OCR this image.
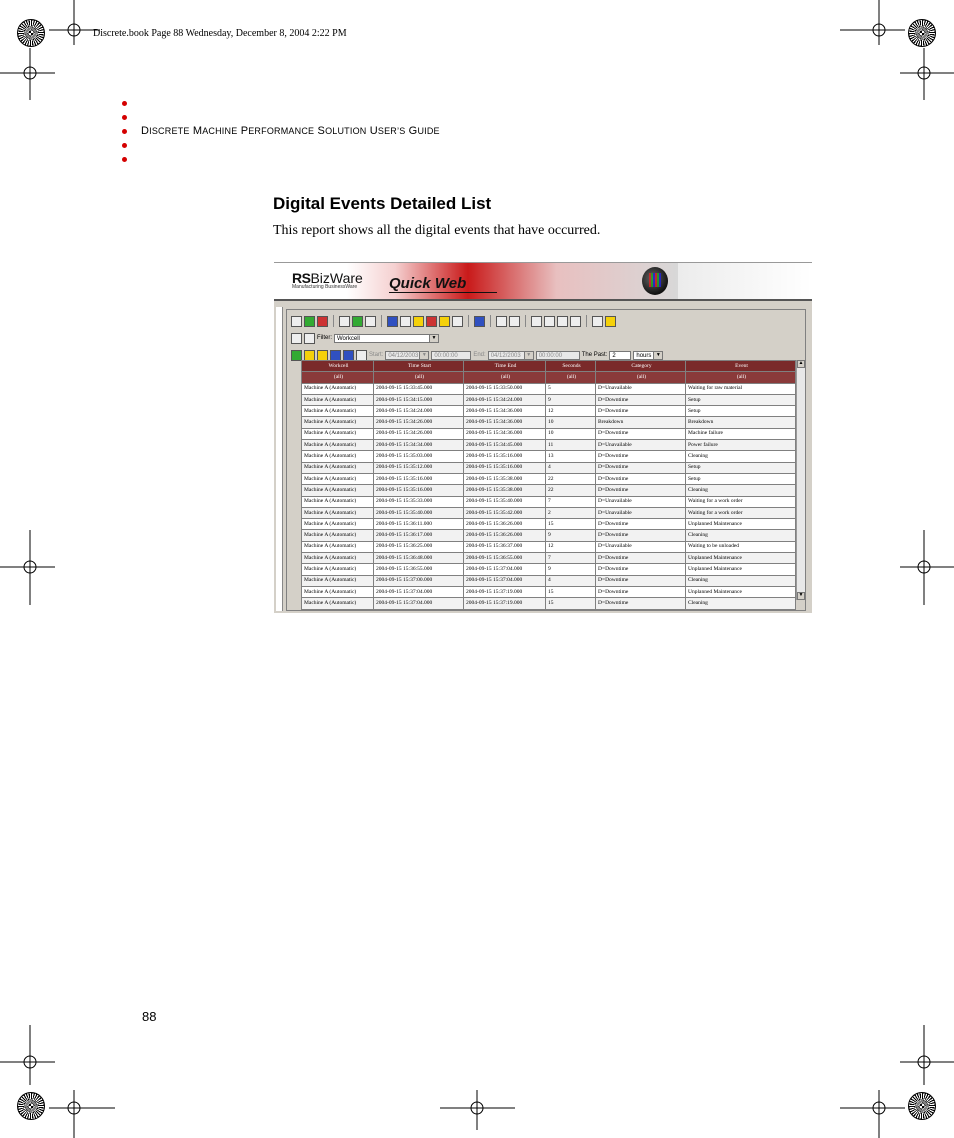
Discrete.book Page 88 Wednesday, December 8, 2004 2:22 PM
DISCRETE MACHINE PERFORMANCE SOLUTION USER’S GUIDE
Digital Events Detailed List
This report shows all the digital events that have occurred.
RSBizWare
Manufacturing BusinessWare Quick Web
Filter: Workcell	▼
Start: 04/12/2003 ▼	00:00:00	End: 04/12/2003	▼	00:00:00	The Past: 2	hours ▼
Workcell	Time Start	Time End	Seconds	Category	Event
(all)	(all)	(all)	(all)	(all)	(all)
Machine A (Automatic)	2004-09-15 15:33:45.000	2004-09-15 15:33:50.000	5	D=Unavailable	Waiting for raw material
Machine A (Automatic)	2004-09-15 15:34:15.000	2004-09-15 15:34:24.000	9	D=Downtime	Setup
Machine A (Automatic)	2004-09-15 15:34:24.000	2004-09-15 15:34:36.000	12	D=Downtime	Setup
Machine A (Automatic)	2004-09-15 15:34:26.000	2004-09-15 15:34:36.000	10	Breakdown	Breakdown
Machine A (Automatic)	2004-09-15 15:34:26.000	2004-09-15 15:34:36.000	10	D=Downtime	Machine failure
Machine A (Automatic)	2004-09-15 15:34:34.000	2004-09-15 15:34:45.000	11	D=Unavailable	Power failure
Machine A (Automatic)	2004-09-15 15:35:03.000	2004-09-15 15:35:16.000	13	D=Downtime	Cleaning
Machine A (Automatic)	2004-09-15 15:35:12.000	2004-09-15 15:35:16.000	4	D=Downtime	Setup
Machine A (Automatic)	2004-09-15 15:35:16.000	2004-09-15 15:35:38.000	22	D=Downtime	Setup
Machine A (Automatic)	2004-09-15 15:35:16.000	2004-09-15 15:35:38.000	22	D=Downtime	Cleaning
Machine A (Automatic)	2004-09-15 15:35:33.000	2004-09-15 15:35:40.000	7	D=Unavailable	Waiting for a work order
Machine A (Automatic)	2004-09-15 15:35:40.000	2004-09-15 15:35:42.000	2	D=Unavailable	Waiting for a work order
Machine A (Automatic)	2004-09-15 15:36:11.000	2004-09-15 15:36:26.000	15	D=Downtime	Unplanned Maintenance
Machine A (Automatic)	2004-09-15 15:36:17.000	2004-09-15 15:36:26.000	9	D=Downtime	Cleaning
Machine A (Automatic)	2004-09-15 15:36:25.000	2004-09-15 15:36:37.000	12	D=Unavailable	Waiting to be unloaded
Machine A (Automatic)	2004-09-15 15:36:48.000	2004-09-15 15:36:55.000	7	D=Downtime	Unplanned Maintenance
Machine A (Automatic)	2004-09-15 15:36:55.000	2004-09-15 15:37:04.000	9	D=Downtime	Unplanned Maintenance
Machine A (Automatic)	2004-09-15 15:37:00.000	2004-09-15 15:37:04.000	4	D=Downtime	Cleaning
Machine A (Automatic)	2004-09-15 15:37:04.000	2004-09-15 15:37:19.000	15	D=Downtime	Unplanned Maintenance
Machine A (Automatic)	2004-09-15 15:37:04.000	2004-09-15 15:37:19.000	15	D=Downtime	Cleaning
▲
▼
88
